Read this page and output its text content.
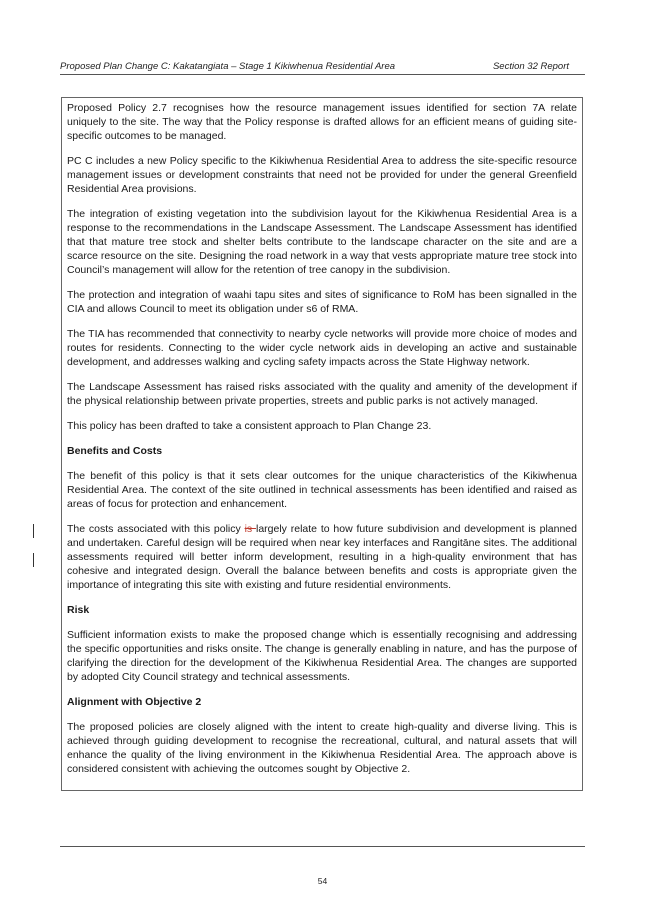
Proposed Plan Change C: Kakatangiata – Stage 1 Kikiwhenua Residential Area	Section 32 Report

Proposed Policy 2.7 recognises how the resource management issues identified for section 7A relate uniquely to the site. The way that the Policy response is drafted allows for an efficient means of guiding site-specific outcomes to be managed.

PC C includes a new Policy specific to the Kikiwhenua Residential Area to address the site-specific resource management issues or development constraints that need not be provided for under the general Greenfield Residential Area provisions.

The integration of existing vegetation into the subdivision layout for the Kikiwhenua Residential Area is a response to the recommendations in the Landscape Assessment. The Landscape Assessment has identified that that mature tree stock and shelter belts contribute to the landscape character on the site and are a scarce resource on the site. Designing the road network in a way that vests appropriate mature tree stock into Council’s management will allow for the retention of tree canopy in the subdivision.

The protection and integration of waahi tapu sites and sites of significance to RoM has been signalled in the CIA and allows Council to meet its obligation under s6 of RMA.

The TIA has recommended that connectivity to nearby cycle networks will provide more choice of modes and routes for residents. Connecting to the wider cycle network aids in developing an active and sustainable development, and addresses walking and cycling safety impacts across the State Highway network.

The Landscape Assessment has raised risks associated with the quality and amenity of the development if the physical relationship between private properties, streets and public parks is not actively managed.

This policy has been drafted to take a consistent approach to Plan Change 23.

Benefits and Costs

The benefit of this policy is that it sets clear outcomes for the unique characteristics of the Kikiwhenua Residential Area. The context of the site outlined in technical assessments has been identified and raised as areas of focus for protection and enhancement.

The costs associated with this policy is largely relate to how future subdivision and development is planned and undertaken. Careful design will be required when near key interfaces and Rangitāne sites. The additional assessments required will better inform development, resulting in a high-quality environment that has cohesive and integrated design. Overall the balance between benefits and costs is appropriate given the importance of integrating this site with existing and future residential environments.

Risk

Sufficient information exists to make the proposed change which is essentially recognising and addressing the specific opportunities and risks onsite. The change is generally enabling in nature, and has the purpose of clarifying the direction for the development of the Kikiwhenua Residential Area. The changes are supported by adopted City Council strategy and technical assessments.

Alignment with Objective 2

The proposed policies are closely aligned with the intent to create high-quality and diverse living. This is achieved through guiding development to recognise the recreational, cultural, and natural assets that will enhance the quality of the living environment in the Kikiwhenua Residential Area. The approach above is considered consistent with achieving the outcomes sought by Objective 2.

54
